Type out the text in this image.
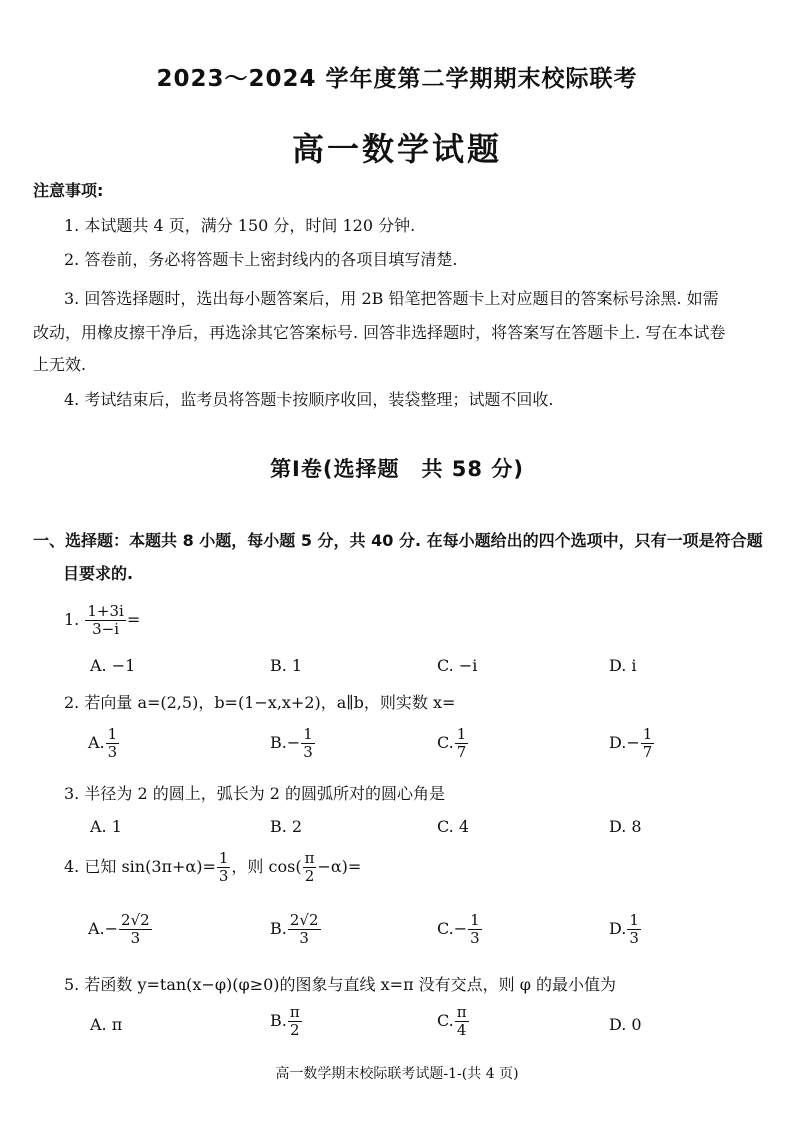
2023～2024 学年度第二学期期末校际联考
高一数学试题
注意事项:
1. 本试题共 4 页，满分 150 分，时间 120 分钟.
2. 答卷前，务必将答题卡上密封线内的各项目填写清楚.
3. 回答选择题时，选出每小题答案后，用 2B 铅笔把答题卡上对应题目的答案标号涂黑. 如需
改动，用橡皮擦干净后，再选涂其它答案标号. 回答非选择题时，将答案写在答题卡上. 写在本试卷
上无效.
4. 考试结束后，监考员将答题卡按顺序收回，装袋整理；试题不回收.
第Ⅰ卷(选择题　共 58 分)
一、选择题：本题共 8 小题，每小题 5 分，共 40 分. 在每小题给出的四个选项中，只有一项是符合题
目要求的.
1. $\frac{1+3i}{3-i}$ =
A. −1	B. 1	C. −i	D. i
2. 若向量 a=(2,5)，b=(1−x,x+2)，a∥b，则实数 x=
A. $\frac{1}{3}$	$B.- \frac{1}{3}$	C. $\frac{1}{7}$	$D.- \frac{1}{7}$
3. 半径为 2 的圆上，弧长为 2 的圆弧所对的圆心角是
A. 1	B. 2	C. 4	D. 8
4. 已知 $\sin(3\pi+\alpha)= \frac{1}{3}$ ，则 $\cos( \frac{\pi}{2} -\alpha)=$
$A.- \frac{2√2}{3}$	B. $\frac{2√2}{3}$	$C.- \frac{1}{3}$	D. $\frac{1}{3}$
5. 若函数 y=tan(x−φ)(φ≥0)的图象与直线 x=π 没有交点，则 φ 的最小值为
A. π	B. $\frac{\pi}{2}$	C. $\frac{\pi}{4}$	D. 0
高一数学期末校际联考试题-1-(共 4 页)
